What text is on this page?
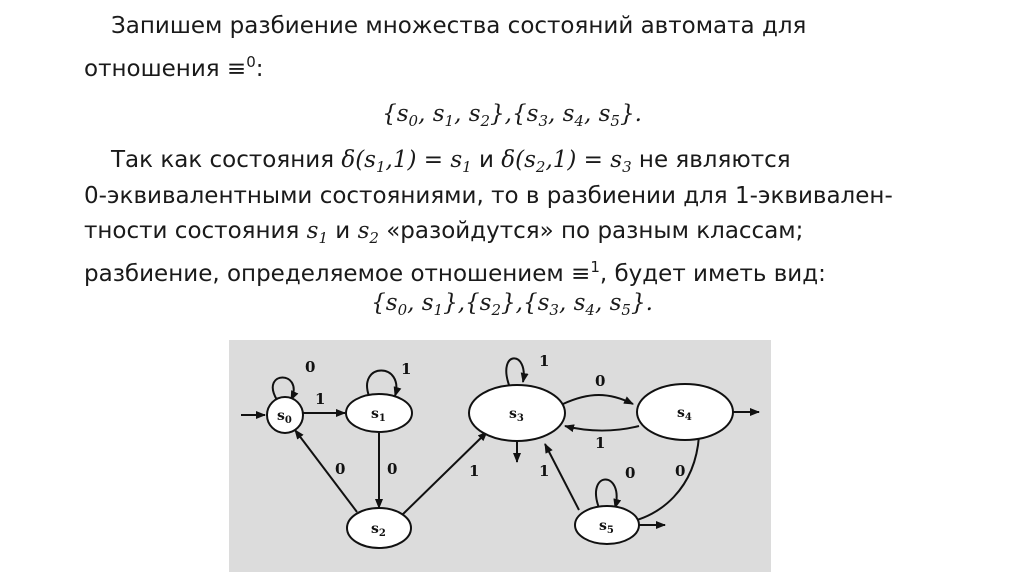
Запишем разбиение множества состояний автомата для
отношения ≡$^0$:
{$s_0$, $s_1$, $s_2\},\{s_3$, $s_4$, $s_5$}.
Так как состояния $\delta(s_1,1) = s_1$ и $\delta(s_2,1) = s_3$ не являются
0-эквивалентными состояниями, то в разбиении для 1-эквивален-
тности состояния $s_1$ и $s_2$ «разойдутся» по разным классам;
разбиение, определяемое отношением ≡$^1$, будет иметь вид:
{$s_0$, $s_1\},\{s_2\},\{s_3$, $s_4$, $s_5$}.
$s_0$	$s_1$
$s_2$
$s_3$	$s_4$
$s_5$
0
1
1
0	0	1
1
0
1
1	0	0
